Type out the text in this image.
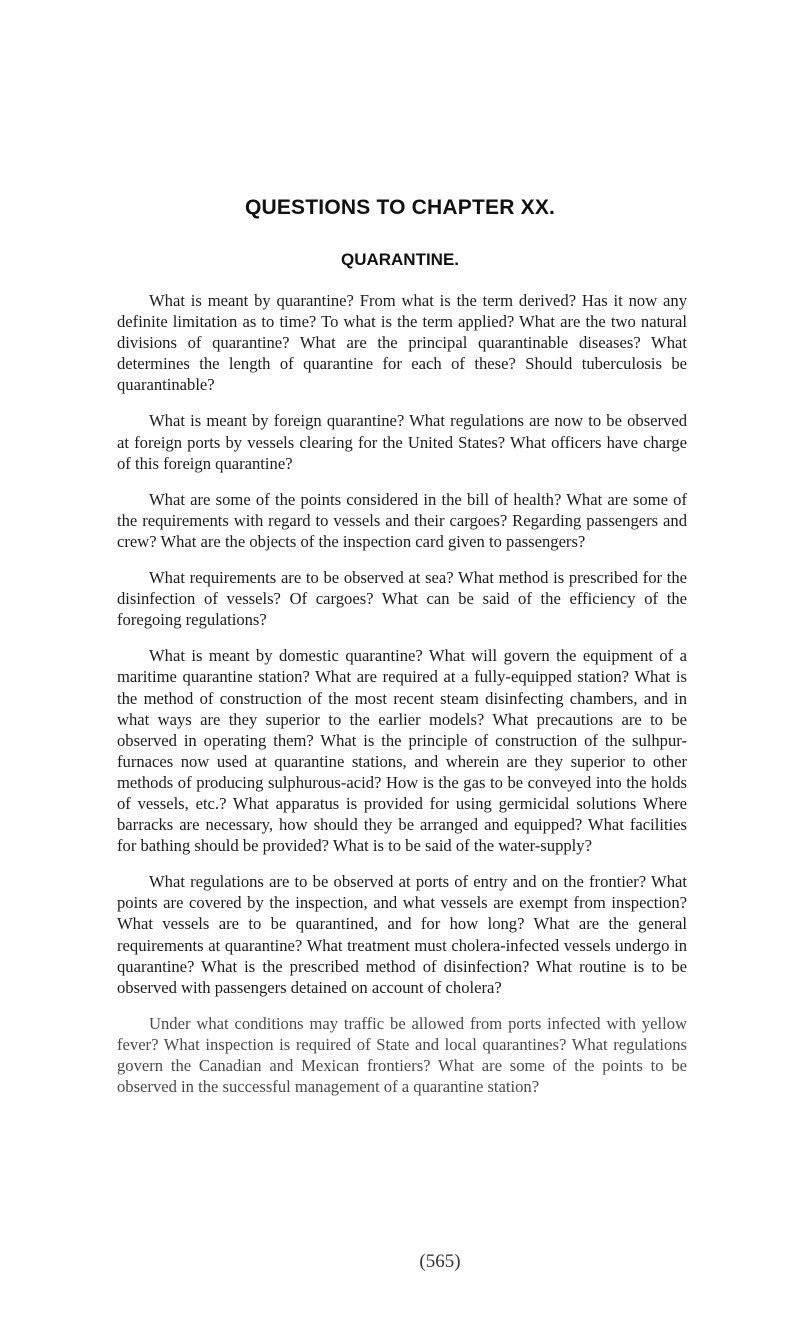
QUESTIONS TO CHAPTER XX.
QUARANTINE.

What is meant by quarantine? From what is the term derived? Has it now any definite limitation as to time? To what is the term applied? What are the two natural divisions of quarantine? What are the principal quarantinable diseases? What determines the length of quarantine for each of these? Should tuberculosis be quarantinable?

What is meant by foreign quarantine? What regulations are now to be observed at foreign ports by vessels clearing for the United States? What officers have charge of this foreign quarantine?

What are some of the points considered in the bill of health? What are some of the requirements with regard to vessels and their cargoes? Regarding passengers and crew? What are the objects of the inspection card given to passengers?

What requirements are to be observed at sea? What method is prescribed for the disinfection of vessels? Of cargoes? What can be said of the efficiency of the foregoing regulations?

What is meant by domestic quarantine? What will govern the equipment of a maritime quarantine station? What are required at a fully-equipped station? What is the method of construction of the most recent steam disinfecting chambers, and in what ways are they superior to the earlier models? What precautions are to be observed in operating them? What is the principle of construction of the sulhpur-furnaces now used at quarantine stations, and wherein are they superior to other methods of producing sulphurous-acid? How is the gas to be conveyed into the holds of vessels, etc.? What apparatus is provided for using germicidal solutions Where barracks are necessary, how should they be arranged and equipped? What facilities for bathing should be provided? What is to be said of the water-supply?

What regulations are to be observed at ports of entry and on the frontier? What points are covered by the inspection, and what vessels are exempt from inspection? What vessels are to be quarantined, and for how long? What are the general requirements at quarantine? What treatment must cholera-infected vessels undergo in quarantine? What is the prescribed method of disinfection? What routine is to be observed with passengers detained on account of cholera?

Under what conditions may traffic be allowed from ports infected with yellow fever? What inspection is required of State and local quarantines? What regulations govern the Canadian and Mexican frontiers? What are some of the points to be observed in the successful management of a quarantine station?

(565)
